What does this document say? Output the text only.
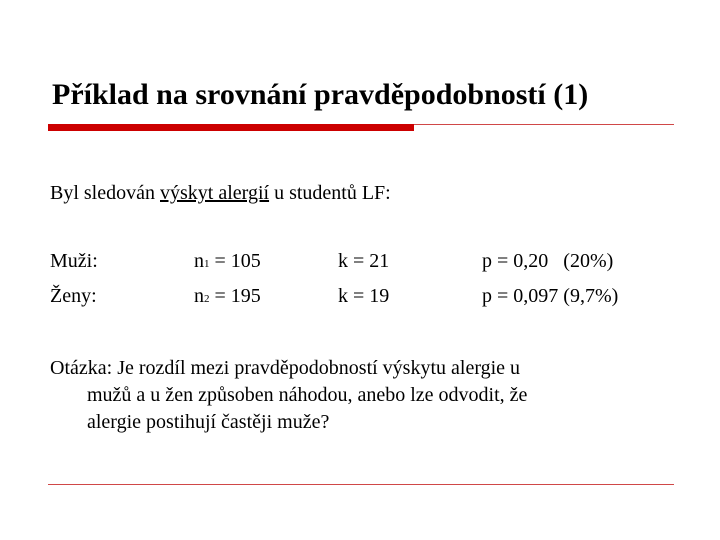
Příklad na srovnání pravděpodobností (1)
Byl sledován výskyt alergií u studentů LF:
Muži:	n1 = 105	k = 21	p = 0,20   (20%)
Ženy:	n2 = 195	k = 19	p = 0,097 (9,7%)
Otázka: Je rozdíl mezi pravděpodobností výskytu alergie u
mužů a u žen způsoben náhodou, anebo lze odvodit, že
alergie postihují častěji muže?
